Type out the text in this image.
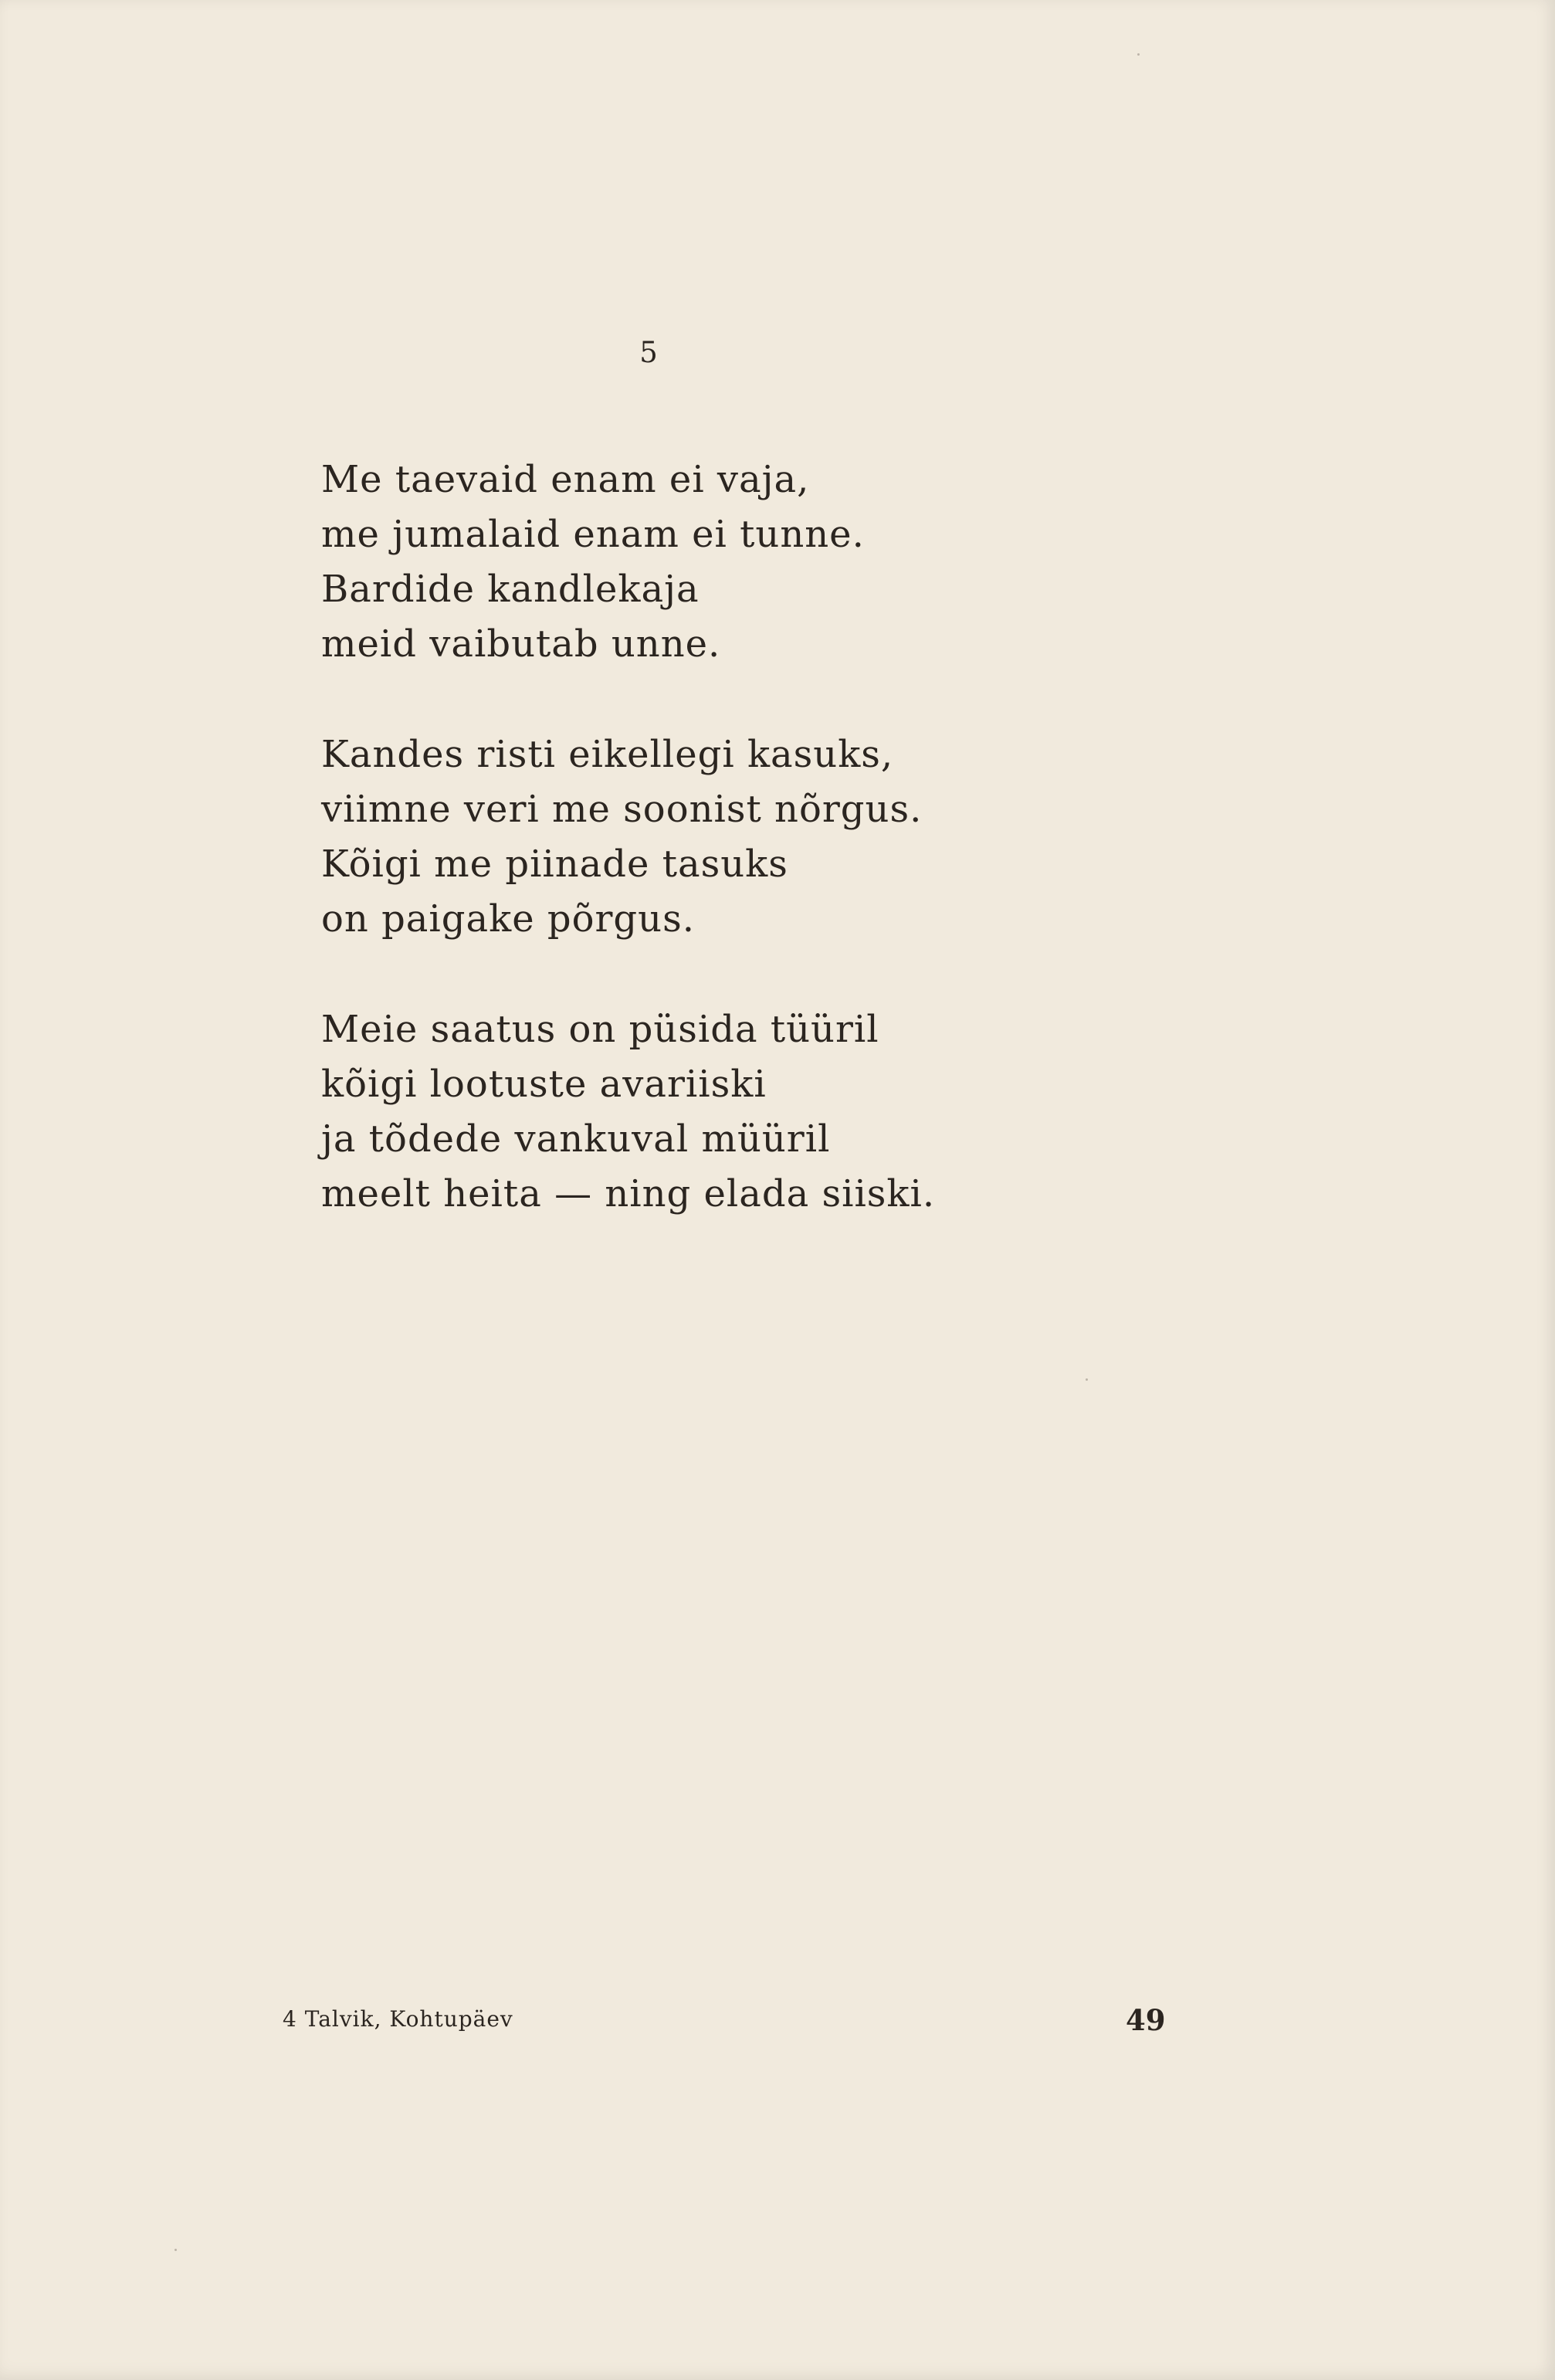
5
Me taevaid enam ei vaja,
me jumalaid enam ei tunne.
Bardide kandlekaja
meid vaibutab unne.
Kandes risti eikellegi kasuks,
viimne veri me soonist nõrgus.
Kõigi me piinade tasuks
on paigake põrgus.
Meie saatus on püsida tüüril
kõigi lootuste avariiski
ja tõdede vankuval müüril
meelt heita — ning elada siiski.
4 Talvik, Kohtupäev	49
